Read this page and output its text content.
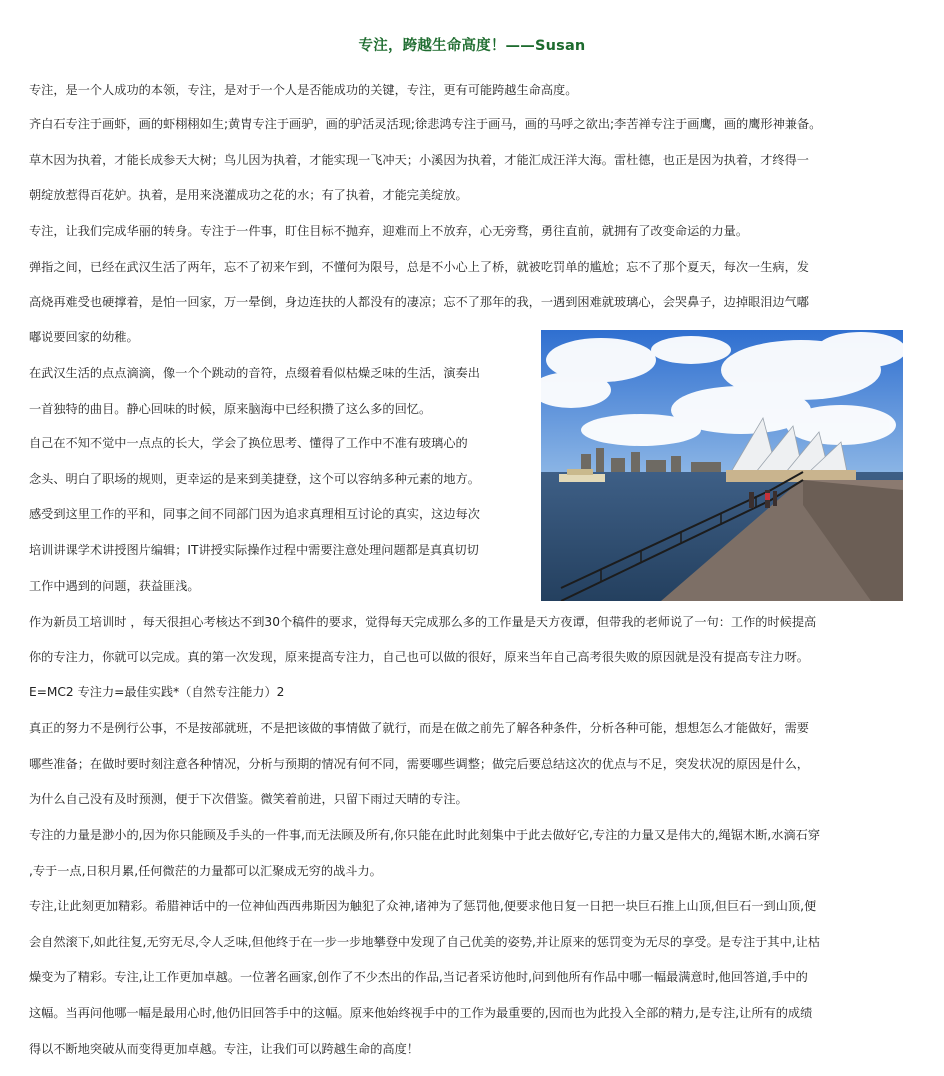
专注，跨越生命高度！——Susan

专注，是一个人成功的本领，专注，是对于一个人是否能成功的关键，专注，更有可能跨越生命高度。

齐白石专注于画虾，画的虾栩栩如生;黄胄专注于画驴，画的驴活灵活现;徐悲鸿专注于画马，画的马呼之欲出;李苦禅专注于画鹰，画的鹰形神兼备。

草木因为执着，才能长成参天大树；鸟儿因为执着，才能实现一飞冲天；小溪因为执着，才能汇成汪洋大海。雷杜德，也正是因为执着，才终得一

朝绽放惹得百花妒。执着，是用来浇灌成功之花的水；有了执着，才能完美绽放。

专注，让我们完成华丽的转身。专注于一件事，盯住目标不抛弃，迎难而上不放弃，心无旁骛，勇往直前，就拥有了改变命运的力量。

弹指之间，已经在武汉生活了两年，忘不了初来乍到，不懂何为限号，总是不小心上了桥，就被吃罚单的尴尬；忘不了那个夏天，每次一生病，发

高烧再难受也硬撑着，是怕一回家，万一晕倒，身边连扶的人都没有的凄凉；忘不了那年的我，一遇到困难就玻璃心，会哭鼻子，边掉眼泪边气嘟

嘟说要回家的幼稚。

在武汉生活的点点滴滴，像一个个跳动的音符，点缀着看似枯燥乏味的生活，演奏出

一首独特的曲目。静心回味的时候，原来脑海中已经积攒了这么多的回忆。

自己在不知不觉中一点点的长大，学会了换位思考、懂得了工作中不准有玻璃心的

念头、明白了职场的规则，更幸运的是来到美捷登，这个可以容纳多种元素的地方。

感受到这里工作的平和，同事之间不同部门因为追求真理相互讨论的真实，这边每次

培训讲课学术讲授图片编辑；IT讲授实际操作过程中需要注意处理问题都是真真切切

工作中遇到的问题，获益匪浅。

作为新员工培训时 ，每天很担心考核达不到30个稿件的要求，觉得每天完成那么多的工作量是天方夜谭，但带我的老师说了一句：工作的时候提高

你的专注力，你就可以完成。真的第一次发现，原来提高专注力，自己也可以做的很好，原来当年自己高考很失败的原因就是没有提高专注力呀。

E=MC2 专注力=最佳实践*（自然专注能力）2

真正的努力不是例行公事，不是按部就班，不是把该做的事情做了就行，而是在做之前先了解各种条件，分析各种可能，想想怎么才能做好，需要

哪些准备；在做时要时刻注意各种情况，分析与预期的情况有何不同，需要哪些调整；做完后要总结这次的优点与不足，突发状况的原因是什么，

为什么自己没有及时预测，便于下次借鉴。微笑着前进，只留下雨过天晴的专注。

专注的力量是渺小的,因为你只能顾及手头的一件事,而无法顾及所有,你只能在此时此刻集中于此去做好它,专注的力量又是伟大的,绳锯木断,水滴石穿

,专于一点,日积月累,任何微茫的力量都可以汇聚成无穷的战斗力。

专注,让此刻更加精彩。希腊神话中的一位神仙西西弗斯因为触犯了众神,诸神为了惩罚他,便要求他日复一日把一块巨石推上山顶,但巨石一到山顶,便

会自然滚下,如此往复,无穷无尽,令人乏味,但他终于在一步一步地攀登中发现了自己优美的姿势,并让原来的惩罚变为无尽的享受。是专注于其中,让枯

燥变为了精彩。专注,让工作更加卓越。一位著名画家,创作了不少杰出的作品,当记者采访他时,问到他所有作品中哪一幅最满意时,他回答道,手中的

这幅。当再问他哪一幅是最用心时,他仍旧回答手中的这幅。原来他始终视手中的工作为最重要的,因而也为此投入全部的精力,是专注,让所有的成绩

得以不断地突破从而变得更加卓越。专注，让我们可以跨越生命的高度！
